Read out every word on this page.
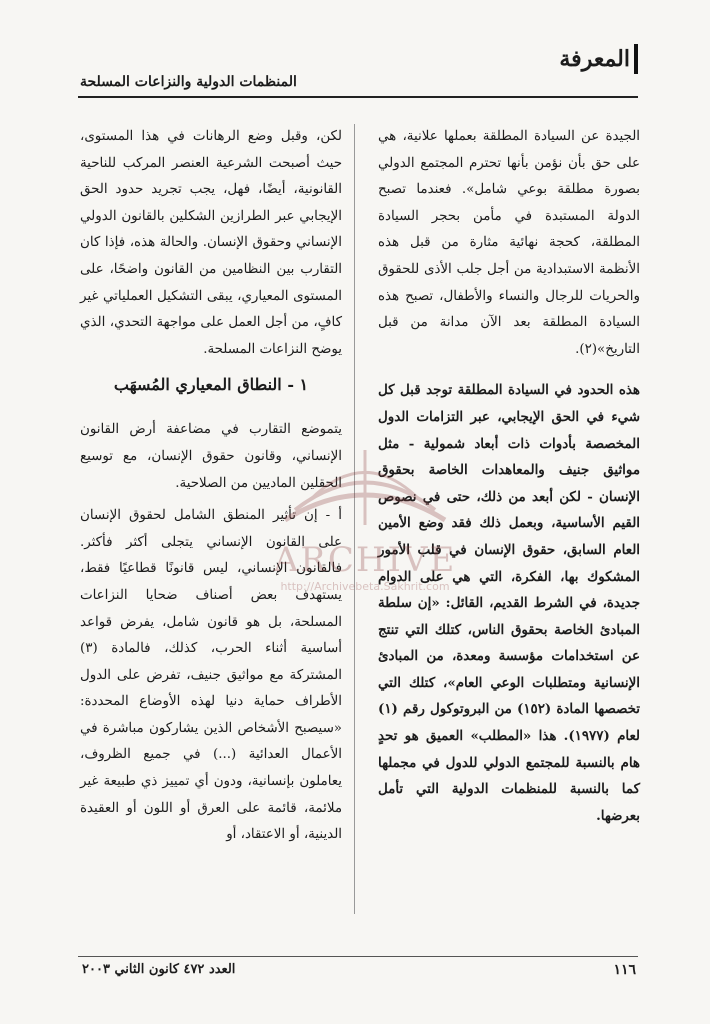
المعرفة
المنظمات الدولية والنزاعات المسلحة

الجيدة عن السيادة المطلقة بعملها علانية، هي على حق بأن نؤمن بأنها تحترم المجتمع الدولي بصورة مطلقة بوعي شامل». فعندما تصبح الدولة المستبدة في مأمن بحجر السيادة المطلقة، كحجة نهائية مثارة من قبل هذه الأنظمة الاستبدادية من أجل جلب الأذى للحقوق والحريات للرجال والنساء والأطفال، تصبح هذه السيادة المطلقة بعد الآن مدانة من قبل التاريخ»(٢).

هذه الحدود في السيادة المطلقة توجد قبل كل شيء في الحق الإيجابي، عبر التزامات الدول المخصصة بأدوات ذات أبعاد شمولية - مثل مواثيق جنيف والمعاهدات الخاصة بحقوق الإنسان - لكن أبعد من ذلك، حتى في نصوص القيم الأساسية، وبعمل ذلك فقد وضع الأمين العام السابق، حقوق الإنسان في قلب الأمور المشكوك بها، الفكرة، التي هي على الدوام جديدة، في الشرط القديم، القائل: «إن سلطة المبادئ الخاصة بحقوق الناس، كتلك التي تنتج عن استخدامات مؤسسة ومعدة، من المبادئ الإنسانية ومتطلبات الوعي العام»، كتلك التي تخصصها المادة (١٥٢) من البروتوكول رقم (١) لعام (١٩٧٧). هذا «المطلب» العميق هو تحدٍ هام بالنسبة للمجتمع الدولي للدول في مجملها كما بالنسبة للمنظمات الدولية التي تأمل بعرضها.

لكن، وقبل وضع الرهانات في هذا المستوى، حيث أصبحت الشرعية العنصر المركب للناحية القانونية، أيضًا، فهل، يجب تجريد حدود الحق الإيجابي عبر الطرازين الشكلين بالقانون الدولي الإنساني وحقوق الإنسان. والحالة هذه، فإذا كان التقارب بين النظامين من القانون واضحًا، على المستوى المعياري، يبقى التشكيل العملياتي غير كافٍ، من أجل العمل على مواجهة التحدي، الذي يوضح النزاعات المسلحة.

١ - النطاق المعياري المُسهَب

يتموضع التقارب في مضاعفة أرض القانون الإنساني، وقانون حقوق الإنسان، مع توسيع الحقلين الماديين من الصلاحية.

أ - إن تأثير المنطق الشامل لحقوق الإنسان على القانون الإنساني يتجلى أكثر فأكثر. فالقانون الإنساني، ليس قانونًا قطاعيًا فقط، يستهدف بعض أصناف ضحايا النزاعات المسلحة، بل هو قانون شامل، يفرض قواعد أساسية أثناء الحرب، كذلك، فالمادة (٣) المشتركة مع مواثيق جنيف، تفرض على الدول الأطراف حماية دنيا لهذه الأوضاع المحددة: «سيصبح الأشخاص الذين يشاركون مباشرة في الأعمال العدائية (...) في جميع الظروف، يعاملون بإنسانية، ودون أي تمييز ذي طبيعة غير ملائمة، قائمة على العرق أو اللون أو العقيدة الدينية، أو الاعتقاد، أو

ARCHIVE
http://Archivebeta.Sakhrit.com
١١٦
العدد ٤٧٢ كانون الثاني ٢٠٠٣
